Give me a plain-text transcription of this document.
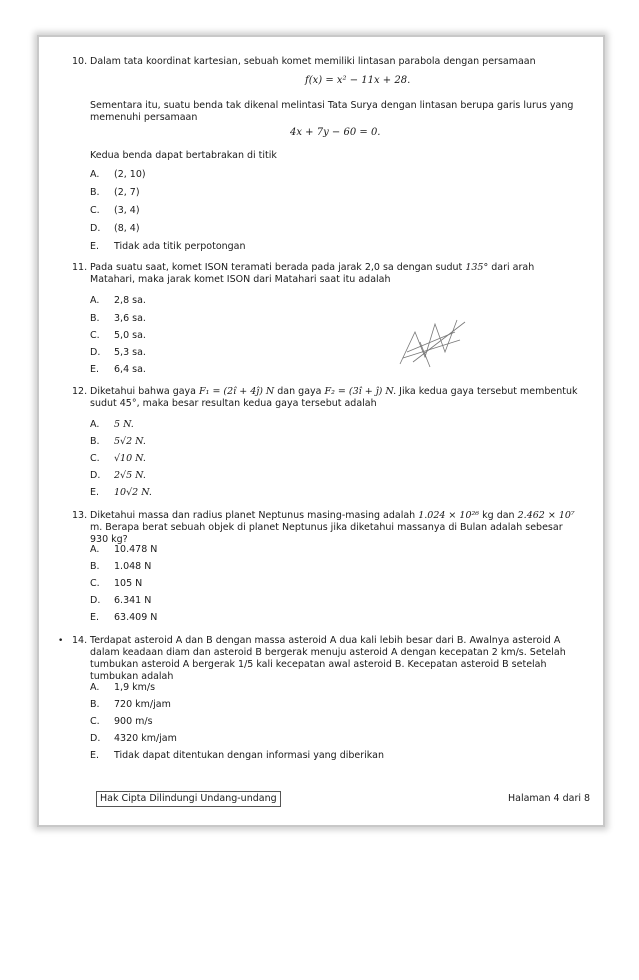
10. Dalam tata koordinat kartesian, sebuah komet memiliki lintasan parabola dengan persamaan
f(x) = x² − 11x + 28.
Sementara itu, suatu benda tak dikenal melintasi Tata Surya dengan lintasan berupa garis lurus yang memenuhi persamaan
4x + 7y − 60 = 0.
Kedua benda dapat bertabrakan di titik
A. (2, 10)
B. (2, 7)
C. (3, 4)
D. (8, 4)
E. Tidak ada titik perpotongan
11. Pada suatu saat, komet ISON teramati berada pada jarak 2,0 sa dengan sudut 135° dari arah Matahari, maka jarak komet ISON dari Matahari saat itu adalah
A. 2,8 sa.
B. 3,6 sa.
C. 5,0 sa.
D. 5,3 sa.
E. 6,4 sa.
12. Diketahui bahwa gaya F₁ = (2î + 4ĵ) N dan gaya F₂ = (3î + ĵ) N. Jika kedua gaya tersebut membentuk sudut 45°, maka besar resultan kedua gaya tersebut adalah
A. 5 N.
B. 5√2 N.
C. √10 N.
D. 2√5 N.
E. 10√2 N.
13. Diketahui massa dan radius planet Neptunus masing-masing adalah 1.024 × 10²⁶ kg dan 2.462 × 10⁷ m. Berapa berat sebuah objek di planet Neptunus jika diketahui massanya di Bulan adalah sebesar 930 kg?
A. 10.478 N
B. 1.048 N
C. 105 N
D. 6.341 N
E. 63.409 N
• 14. Terdapat asteroid A dan B dengan massa asteroid A dua kali lebih besar dari B. Awalnya asteroid A dalam keadaan diam dan asteroid B bergerak menuju asteroid A dengan kecepatan 2 km/s. Setelah tumbukan asteroid A bergerak 1/5 kali kecepatan awal asteroid B. Kecepatan asteroid B setelah tumbukan adalah
A. 1,9 km/s
B. 720 km/jam
C. 900 m/s
D. 4320 km/jam
E. Tidak dapat ditentukan dengan informasi yang diberikan
Hak Cipta Dilindungi Undang-undang	Halaman 4 dari 8
